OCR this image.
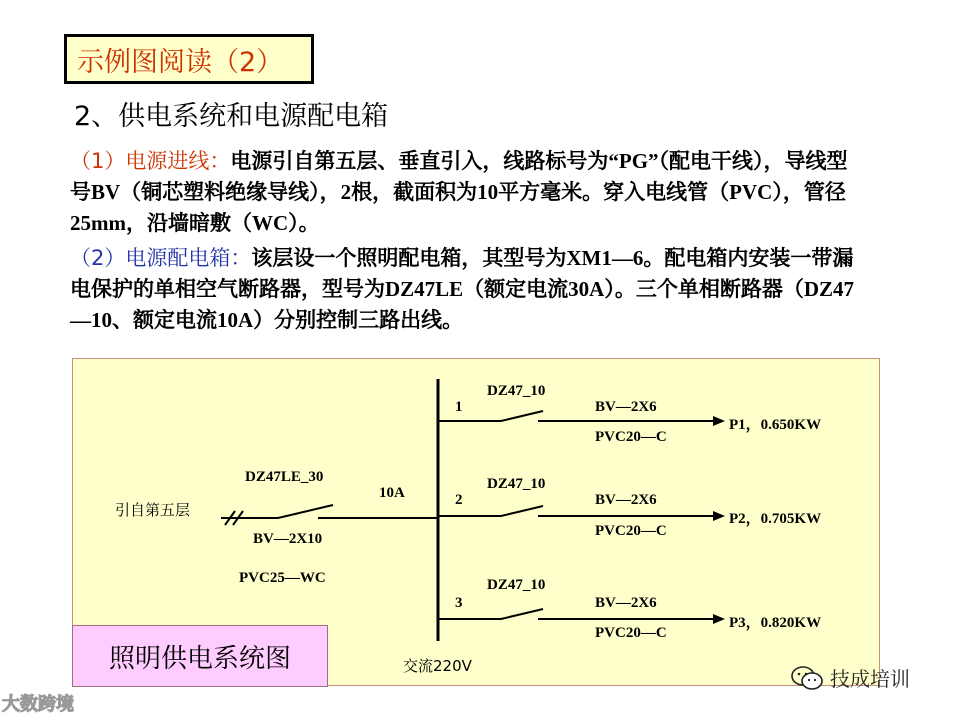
示例图阅读（2）
2、供电系统和电源配电箱
（1）电源进线：电源引自第五层、垂直引入，线路标号为“PG”（配电干线），导线型号BV（铜芯塑料绝缘导线），2根，截面积为10平方毫米。穿入电线管（PVC），管径25mm，沿墙暗敷（WC）。
（2）电源配电箱：该层设一个照明配电箱，其型号为XM1—6。配电箱内安装一带漏电保护的单相空气断路器，型号为DZ47LE（额定电流30A）。三个单相断路器（DZ47—10、额定电流10A）分别控制三路出线。
引自第五层
DZ47LE_30
BV—2X10
PVC25—WC
10A
交流220V
1
DZ47_10
BV—2X6
PVC20—C
P1，0.650KW
2
DZ47_10
BV—2X6
PVC20—C
P2，0.705KW
3
DZ47_10
BV—2X6
PVC20—C
P3，0.820KW
照明供电系统图
大数跨境
技成培训
